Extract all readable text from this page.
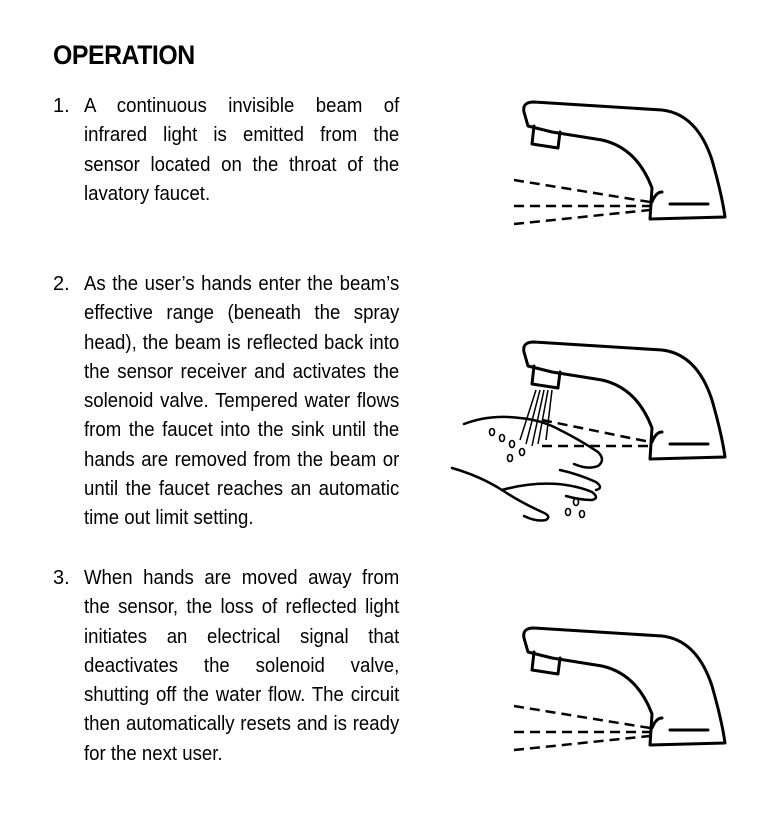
OPERATION
1. A continuous invisible beam of infrared light is emitted from the sensor located on the throat of the lavatory faucet.
2. As the user’s hands enter the beam’s effective range (beneath the spray head), the beam is reflected back into the sensor receiver and activates the solenoid valve. Tempered water flows from the faucet into the sink until the hands are removed from the beam or until the faucet reaches an automatic time out limit setting.
3. When hands are moved away from the sensor, the loss of reflected light initiates an electrical signal that deactivates the solenoid valve, shutting off the water flow. The circuit then automatically resets and is ready for the next user.
